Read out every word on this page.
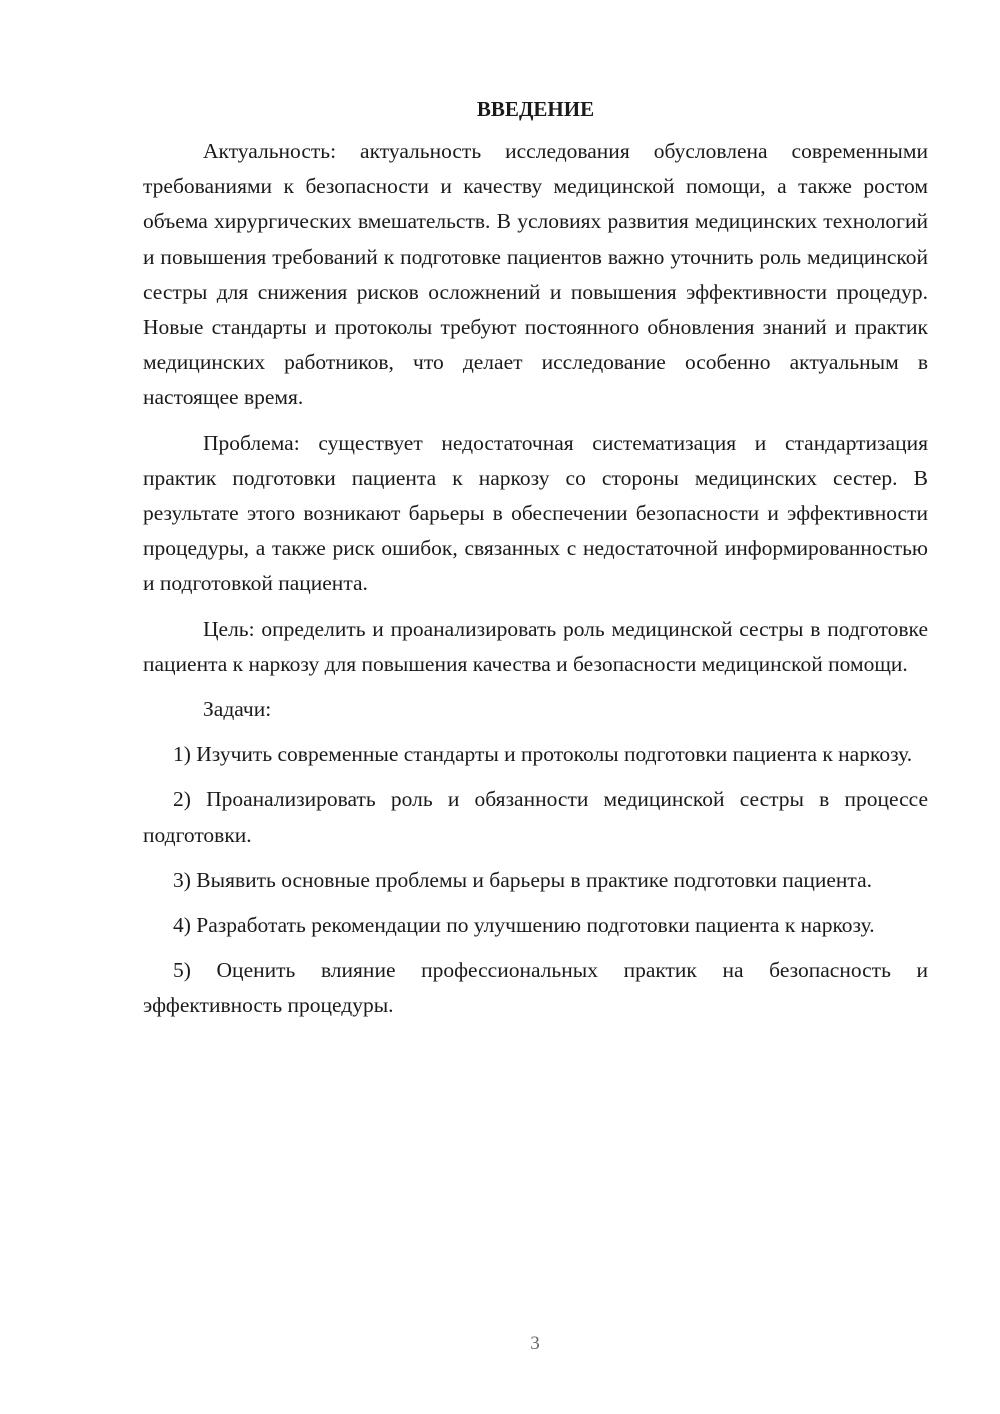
ВВЕДЕНИЕ

Актуальность: актуальность исследования обусловлена современными требованиями к безопасности и качеству медицинской помощи, а также ростом объема хирургических вмешательств. В условиях развития медицинских технологий и повышения требований к подготовке пациентов важно уточнить роль медицинской сестры для снижения рисков осложнений и повышения эффективности процедур. Новые стандарты и протоколы требуют постоянного обновления знаний и практик медицинских работников, что делает исследование особенно актуальным в настоящее время.

Проблема: существует недостаточная систематизация и стандартизация практик подготовки пациента к наркозу со стороны медицинских сестер. В результате этого возникают барьеры в обеспечении безопасности и эффективности процедуры, а также риск ошибок, связанных с недостаточной информированностью и подготовкой пациента.

Цель: определить и проанализировать роль медицинской сестры в подготовке пациента к наркозу для повышения качества и безопасности медицинской помощи.

Задачи:

1) Изучить современные стандарты и протоколы подготовки пациента к наркозу.

2) Проанализировать роль и обязанности медицинской сестры в процессе подготовки.

3) Выявить основные проблемы и барьеры в практике подготовки пациента.

4) Разработать рекомендации по улучшению подготовки пациента к наркозу.

5) Оценить влияние профессиональных практик на безопасность и эффективность процедуры.

3
